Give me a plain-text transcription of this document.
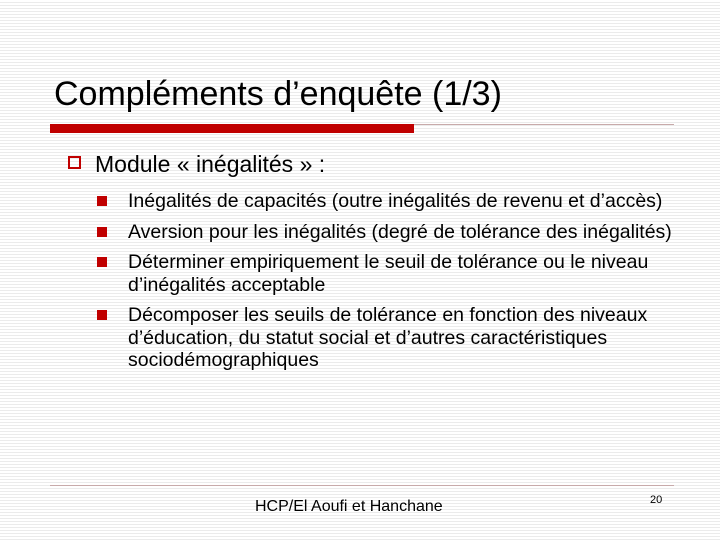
Compléments d’enquête (1/3)
Module « inégalités » :
Inégalités de capacités (outre inégalités de revenu et d’accès)
Aversion pour les inégalités (degré de tolérance des inégalités)
Déterminer empiriquement le seuil de tolérance ou le niveau d’inégalités acceptable
Décomposer les seuils de tolérance en fonction des niveaux d’éducation, du statut social et d’autres caractéristiques sociodémographiques
HCP/El Aoufi et Hanchane	20
